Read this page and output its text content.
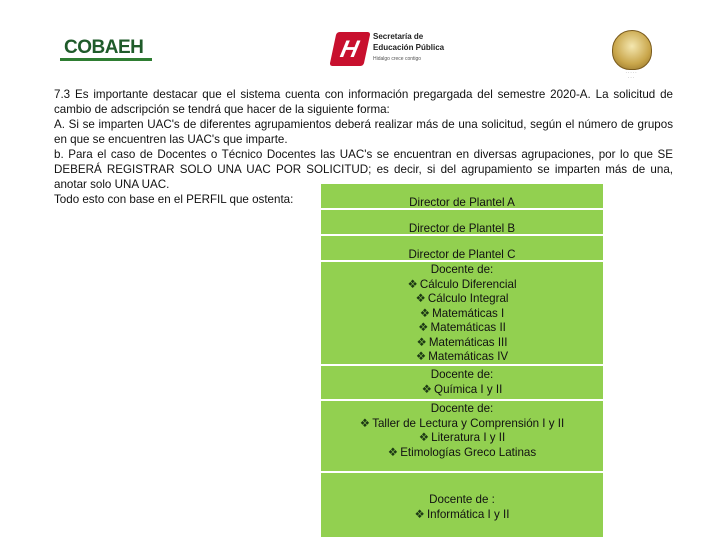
COBAEH	H Secretaría de
Educación Pública
Hidalgo crece contigo
· · · · ·
· · ·

7.3 Es importante destacar que el sistema cuenta con información pregargada del semestre 2020-A. La solicitud de cambio de adscripción se tendrá que hacer de la siguiente forma:

A. Si se imparten UAC's de diferentes agrupamientos deberá realizar más de una solicitud, según el número de grupos en que se encuentren las UAC's que imparte.

b. Para el caso de Docentes o Técnico Docentes las UAC's se encuentran en diversas agrupaciones, por lo que SE DEBERÁ REGISTRAR SOLO UNA UAC POR SOLICITUD; es decir, si del agrupamiento se imparten más de una, anotar solo UNA UAC.

Todo esto con base en el PERFIL que ostenta:	Director de Plantel A
Director de Plantel B
Director de Plantel C
Docente de:
❖ Cálculo Diferencial
❖ Cálculo Integral
❖ Matemáticas I
❖ Matemáticas II
❖ Matemáticas III
❖ Matemáticas IV
Docente de:
❖ Química I y II
Docente de:
❖ Taller de Lectura y Comprensión I y II
❖ Literatura I y II
❖ Etimologías Greco Latinas
Docente de :
❖ Informática I y II
